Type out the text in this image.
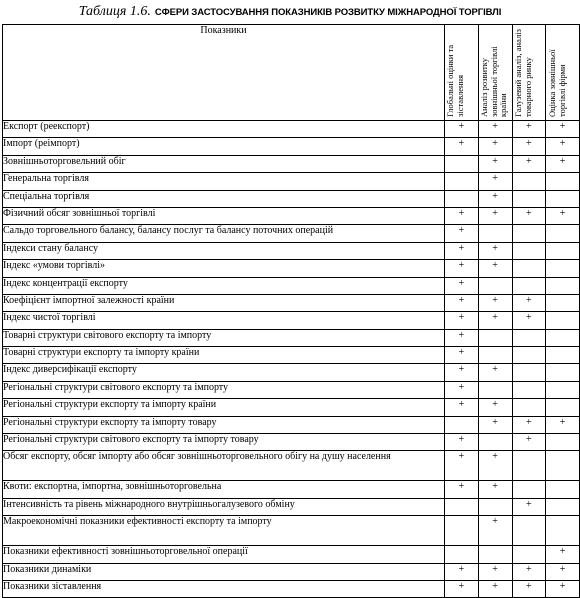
Таблиця 1.6. СФЕРИ ЗАСТОСУВАННЯ ПОКАЗНИКІВ РОЗВИТКУ МІЖНАРОДНОЇ ТОРГІВЛІ
Показники	Глобальні оцінки та зіставлення	Аналіз розвитку зовнішньої торгівлі країни	Галузевий аналіз, аналіз товарного ринку	Оцінка зовнішньої торгівлі фірми

Експорт (реекспорт)	+	+	+	+
Імпорт (реімпорт)	+	+	+	+
Зовнішньоторговельний обіг		+	+	+
Генеральна торгівля		+		
Спеціальна торгівля		+		
Фізичний обсяг зовнішньої торгівлі	+	+	+	+
Сальдо торговельного балансу, балансу послуг та балансу поточних операцій	+			
Індекси стану балансу	+	+		
Індекс «умови торгівлі»	+	+		
Індекс концентрації експорту	+			
Коефіцієнт імпортної залежності країни	+	+	+	
Індекс чистої торгівлі	+	+	+	
Товарні структури світового експорту та імпорту	+			
Товарні структури експорту та імпорту країни	+			
Індекс диверсифікації експорту	+	+		
Регіональні структури світового експорту та імпорту	+			
Регіональні структури експорту та імпорту країни	+	+		
Регіональні структури експорту та імпорту товару		+	+	+
Регіональні структури світового експорту та імпорту товару	+		+	
Обсяг експорту, обсяг імпорту або обсяг зовнішньоторговельного обігу на душу населення	+	+		
Квоти: експортна, імпортна, зовнішньоторговельна	+	+		
Інтенсивність та рівень міжнародного внутрішньогалузевого обміну			+	
Макроекономічні показники ефективності експорту та імпорту		+		
Показники ефективності зовнішньоторговельної операції				+
Показники динаміки	+	+	+	+
Показники зіставлення	+	+	+	+
